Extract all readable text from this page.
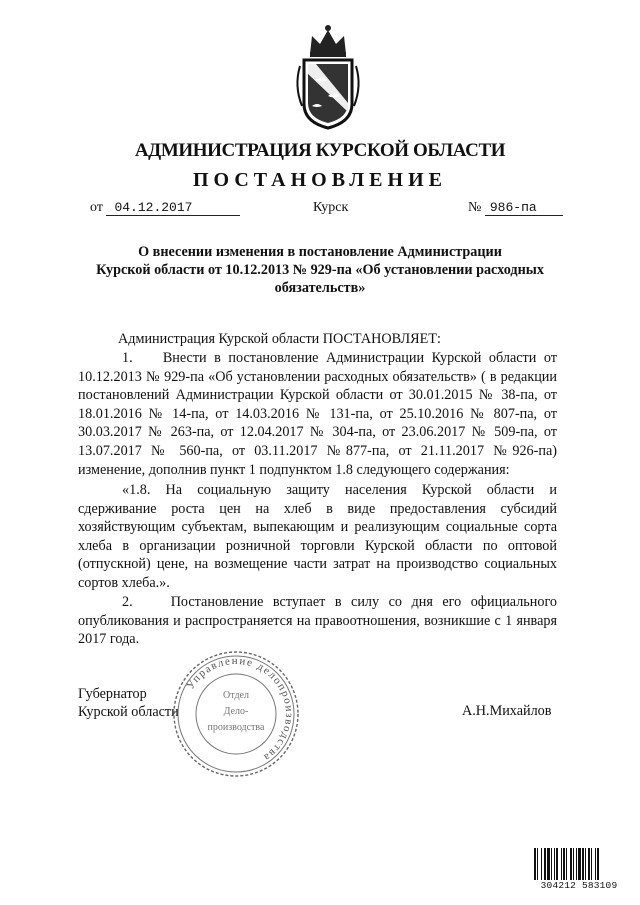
АДМИНИСТРАЦИЯ КУРСКОЙ ОБЛАСТИ
ПОСТАНОВЛЕНИЕ
от 04.12.2017	Курск	№ 986-па
О внесении изменения в постановление Администрации
Курской области от 10.12.2013 № 929-па «Об установлении расходных
обязательств»
Администрация Курской области ПОСТАНОВЛЯЕТ:
1. Внести в постановление Администрации Курской области от 10.12.2013 № 929-па «Об установлении расходных обязательств» ( в редакции постановлений Администрации Курской области от 30.01.2015 № 38-па, от 18.01.2016 № 14-па, от 14.03.2016 № 131-па, от 25.10.2016 № 807-па, от 30.03.2017 № 263-па, от 12.04.2017 № 304-па, от 23.06.2017 № 509-па, от 13.07.2017 № 560-па, от 03.11.2017 №877-па, от 21.11.2017 №926-па) изменение, дополнив пункт 1 подпунктом 1.8 следующего содержания:
«1.8. На социальную защиту населения Курской области и сдерживание роста цен на хлеб в виде предоставления субсидий хозяйствующим субъектам, выпекающим и реализующим социальные сорта хлеба в организации розничной торговли Курской области по оптовой (отпускной) цене, на возмещение части затрат на производство социальных сортов хлеба.».
2.	Постановление вступает в силу со дня его официального опубликования и распространяется на правоотношения, возникшие с 1 января 2017 года.
Губернатор
Курской области	А.Н.Михайлов
Управление делопроизводства
Отдел
Дело-
производства
304212 583109
